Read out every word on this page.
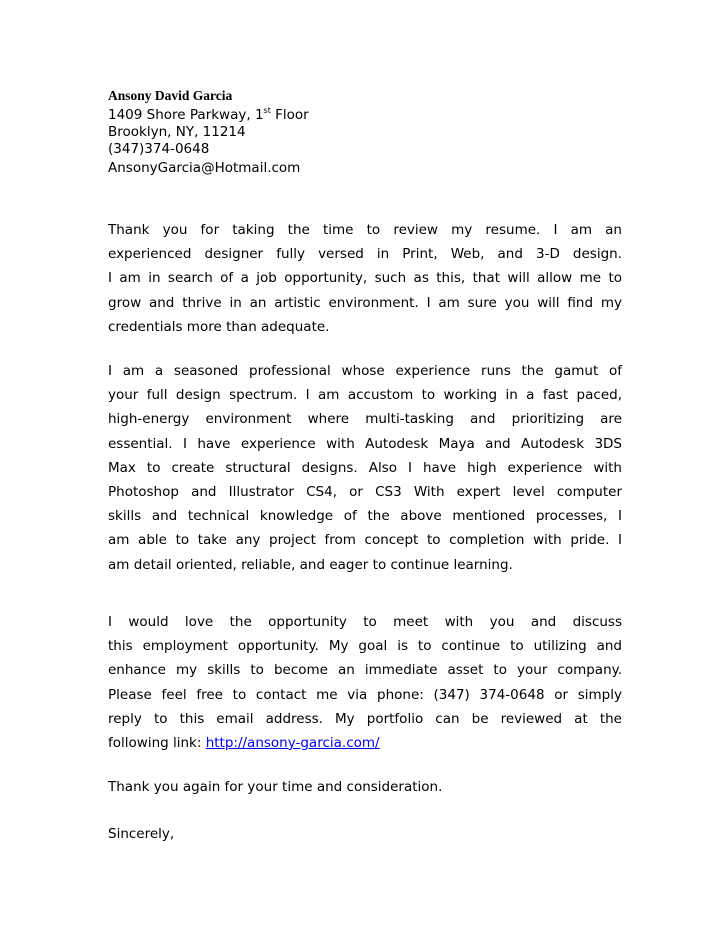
Ansony David Garcia
1409 Shore Parkway, 1st Floor
Brooklyn, NY, 11214
(347)374-0648
AnsonyGarcia@Hotmail.com
Thank you for taking the time to review my resume. I am an
experienced designer fully versed in Print, Web, and 3-D design.
I am in search of a job opportunity, such as this, that will allow me to
grow and thrive in an artistic environment. I am sure you will find my
credentials more than adequate.
I am a seasoned professional whose experience runs the gamut of
your full design spectrum. I am accustom to working in a fast paced,
high-energy environment where multi-tasking and prioritizing are
essential. I have experience with Autodesk Maya and Autodesk 3DS
Max to create structural designs. Also I have high experience with
Photoshop and Illustrator CS4, or CS3 With expert level computer
skills and technical knowledge of the above mentioned processes, I
am able to take any project from concept to completion with pride. I
am detail oriented, reliable, and eager to continue learning.
I would love the opportunity to meet with you and discuss
this employment opportunity. My goal is to continue to utilizing and
enhance my skills to become an immediate asset to your company.
Please feel free to contact me via phone: (347) 374-0648 or simply
reply to this email address. My portfolio can be reviewed at the
following link: http://ansony-garcia.com/
Thank you again for your time and consideration.
Sincerely,
